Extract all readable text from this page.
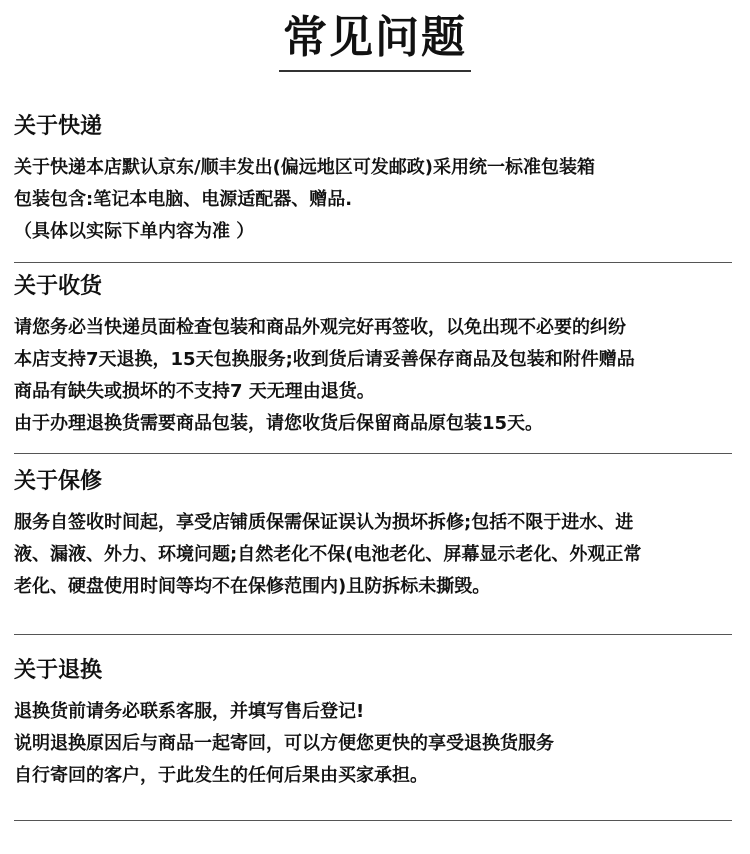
常见问题
关于快递
关于快递本店默认京东/顺丰发出(偏远地区可发邮政)采用统一标准包装箱
包装包含:笔记本电脑、电源适配器、赠品.
（具体以实际下单内容为准 ）
关于收货
请您务必当快递员面检查包装和商品外观完好再签收，以免出现不必要的纠纷
本店支持7天退换，15天包换服务;收到货后请妥善保存商品及包装和附件赠品
商品有缺失或损坏的不支持7 天无理由退货。
由于办理退换货需要商品包装，请您收货后保留商品原包装15天。
关于保修
服务自签收时间起，享受店铺质保需保证误认为损坏拆修;包括不限于进水、进
液、漏液、外力、环境问题;自然老化不保(电池老化、屏幕显示老化、外观正常
老化、硬盘使用时间等均不在保修范围内)且防拆标未撕毁。
关于退换
退换货前请务必联系客服，并填写售后登记!
说明退换原因后与商品一起寄回，可以方便您更快的享受退换货服务
自行寄回的客户，于此发生的任何后果由买家承担。
